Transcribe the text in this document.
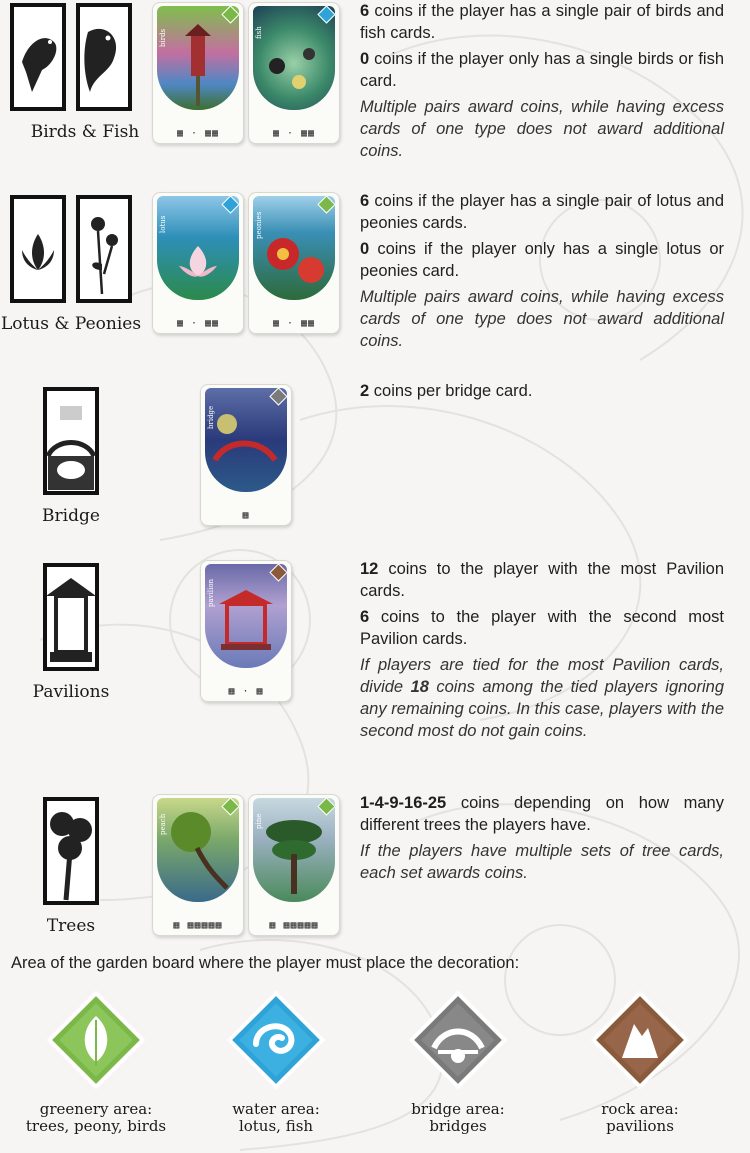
Birds & Fish
birds
▦ · ▦▦
fish
▦ · ▦▦

6 coins if the player has a single pair of birds and fish cards.

0 coins if the player only has a single birds or fish card.

Multiple pairs award coins, while having excess cards of one type does not award additional coins.

Lotus & Peonies
lotus
▦ · ▦▦
peonies
▦ · ▦▦

6 coins if the player has a single pair of lotus and peonies cards.

0 coins if the player only has a single lotus or peonies card.

Multiple pairs award coins, while having excess cards of one type does not award additional coins.

Bridge
bridge
▦

2 coins per bridge card.

Pavilions
pavilion
▦ · ▦

12 coins to the player with the most Pavilion cards.

6 coins to the player with the second most Pavilion cards.

If players are tied for the most Pavilion cards, divide 18 coins among the tied players ignoring any remaining coins. In this case, players with the second most do not gain coins.

Trees
peach
▦ ▦▦▦▦▦
pine
▦ ▦▦▦▦▦

1-4-9-16-25 coins depending on how many different trees the players have.

If the players have multiple sets of tree cards, each set awards coins.

Area of the garden board where the player must place the decoration:
greenery area:
trees, peony, birds
water area:
lotus, fish
bridge area:
bridges
rock area:
pavilions
